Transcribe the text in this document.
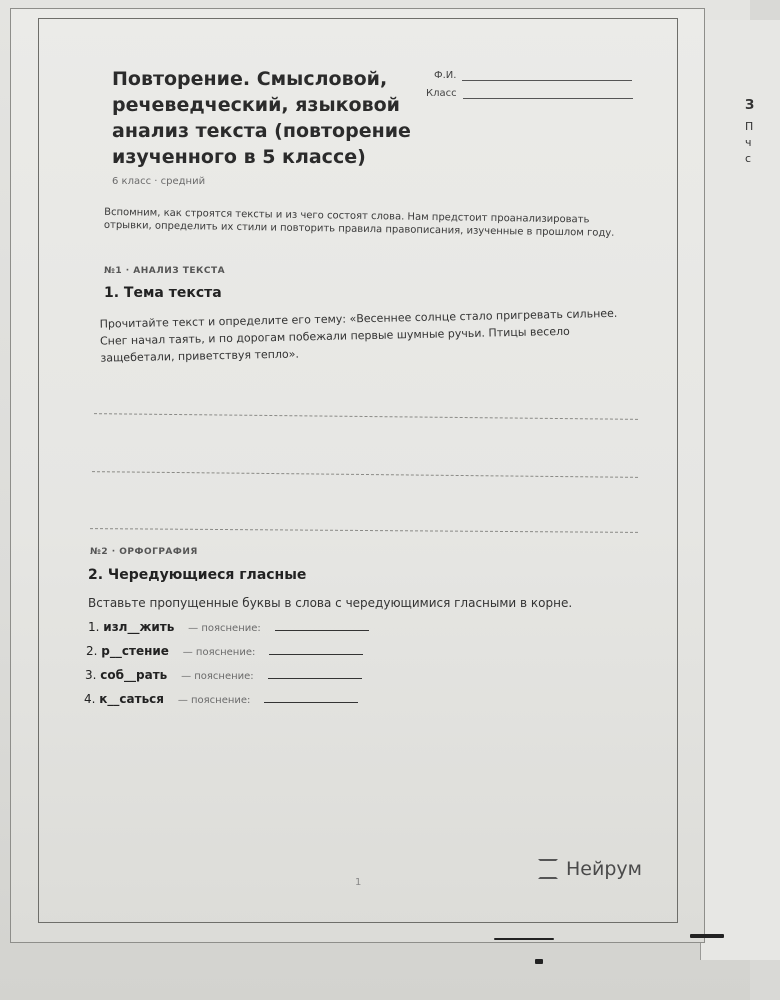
З
П
ч
с
Повторение. Смысловой, речеведческий, языковой анализ текста (повторение изученного в 5 классе)
Ф.И.
Класс
6 класс · средний

Вспомним, как строятся тексты и из чего состоят слова. Нам предстоит проанализировать отрывки, определить их стили и повторить правила правописания, изученные в прошлом году.

№1 · АНАЛИЗ ТЕКСТА
1. Тема текста

Прочитайте текст и определите его тему: «Весеннее солнце стало пригревать сильнее. Снег начал таять, и по дорогам побежали первые шумные ручьи. Птицы весело защебетали, приветствуя тепло».

№2 · ОРФОГРАФИЯ
2. Чередующиеся гласные

Вставьте пропущенные буквы в слова с чередующимися гласными в корне.

1. изл__жить — пояснение:
2. р__стение — пояснение:
3. соб__рать — пояснение:
4. к__саться — пояснение:
1
Нейрум
